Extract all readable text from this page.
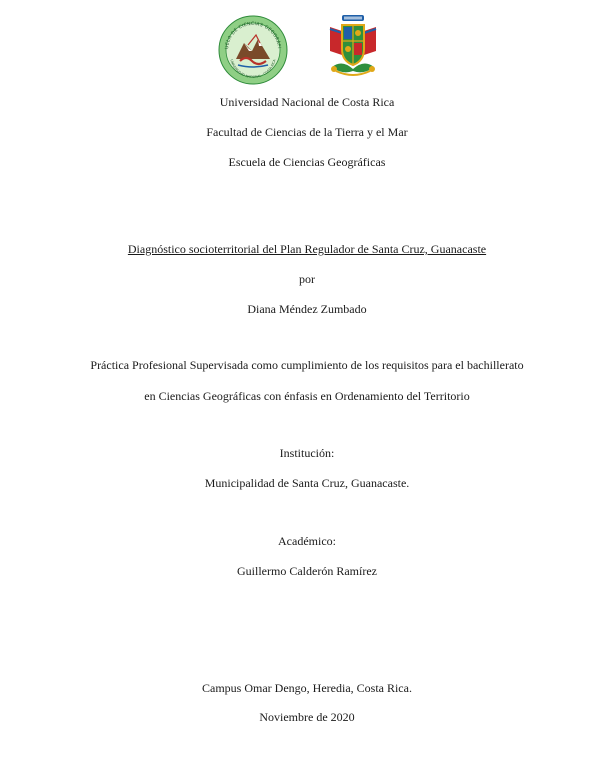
UELA DE CIENCIAS GEOGRÁFI
UNIVERSIDAD NACIONAL · COSTA RICA
Universidad Nacional de Costa Rica
Facultad de Ciencias de la Tierra y el Mar
Escuela de Ciencias Geográficas
Diagnóstico socioterritorial del Plan Regulador de Santa Cruz, Guanacaste
por
Diana Méndez Zumbado
Práctica Profesional Supervisada como cumplimiento de los requisitos para el bachillerato
en Ciencias Geográficas con énfasis en Ordenamiento del Territorio
Institución:
Municipalidad de Santa Cruz, Guanacaste.
Académico:
Guillermo Calderón Ramírez
Campus Omar Dengo, Heredia, Costa Rica.
Noviembre de 2020
